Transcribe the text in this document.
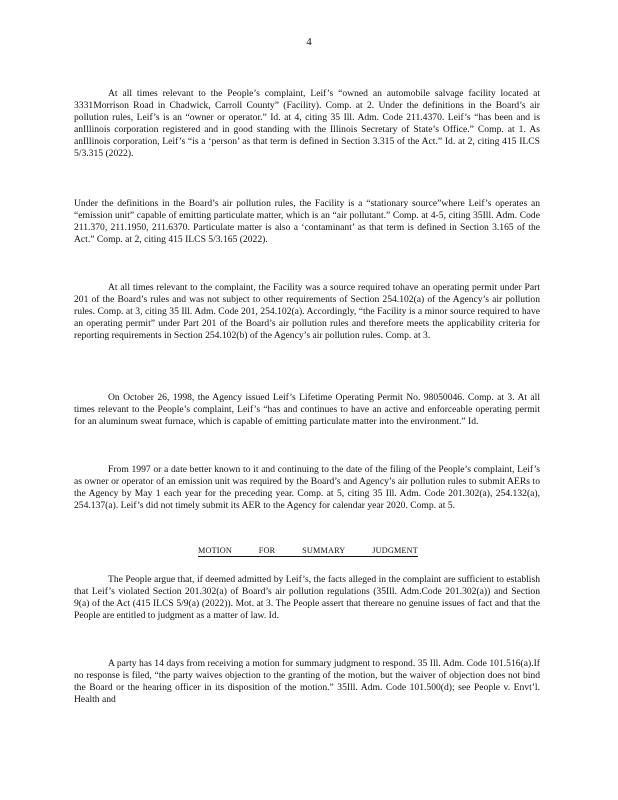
4

At all times relevant to the People’s complaint, Leif’s “owned an automobile salvage facility located at 3331Morrison Road in Chadwick, Carroll County” (Facility). Comp. at 2. Under the definitions in the Board’s air pollution rules, Leif’s is an “owner or operator.” Id. at 4, citing 35 Ill. Adm. Code 211.4370. Leif’s “has been and is anIllinois corporation registered and in good standing with the Illinois Secretary of State’s Office.” Comp. at 1. As anIllinois corporation, Leif’s “is a ‘person’ as that term is defined in Section 3.315 of the Act.” Id. at 2, citing 415 ILCS 5/3.315 (2022).

Under the definitions in the Board’s air pollution rules, the Facility is a “stationary source”where Leif’s operates an “emission unit” capable of emitting particulate matter, which is an “air pollutant.” Comp. at 4-5, citing 35Ill. Adm. Code 211.370, 211.1950, 211.6370. Particulate matter is also a ‘contaminant’ as that term is defined in Section 3.165 of the Act.” Comp. at 2, citing 415 ILCS 5/3.165 (2022).

At all times relevant to the complaint, the Facility was a source required tohave an operating permit under Part 201 of the Board’s rules and was not subject to other requirements of Section 254.102(a) of the Agency’s air pollution rules. Comp. at 3, citing 35 Ill. Adm. Code 201, 254.102(a). Accordingly, “the Facility is a minor source required to have an operating permit” under Part 201 of the Board’s air pollution rules and therefore meets the applicability criteria for reporting requirements in Section 254.102(b) of the Agency’s air pollution rules. Comp. at 3.

On October 26, 1998, the Agency issued Leif’s Lifetime Operating Permit No. 98050046. Comp. at 3. At all times relevant to the People’s complaint, Leif’s “has and continues to have an active and enforceable operating permit for an aluminum sweat furnace, which is capable of emitting particulate matter into the environment.” Id.

From 1997 or a date better known to it and continuing to the date of the filing of the People’s complaint, Leif’s as owner or operator of an emission unit was required by the Board’s and Agency’s air pollution rules to submit AERs to the Agency by May 1 each year for the preceding year. Comp. at 5, citing 35 Ill. Adm. Code 201.302(a), 254.132(a), 254.137(a). Leif’s did not timely submit its AER to the Agency for calendar year 2020. Comp. at 5.

MOTION	FOR	SUMMARY	JUDGMENT

The People argue that, if deemed admitted by Leif’s, the facts alleged in the complaint are sufficient to establish that Leif’s violated Section 201.302(a) of Board’s air pollution regulations (35Ill. Adm.Code 201.302(a)) and Section 9(a) of the Act (415 ILCS 5/9(a) (2022)). Mot. at 3. The People assert that thereare no genuine issues of fact and that the People are entitled to judgment as a matter of law. Id.

A party has 14 days from receiving a motion for summary judgment to respond. 35 Ill. Adm. Code 101.516(a).If no response is filed, “the party waives objection to the granting of the motion, but the waiver of objection does not bind the Board or the hearing officer in its disposition of the motion.” 35Ill. Adm. Code 101.500(d); see People v. Envt’l. Health and
